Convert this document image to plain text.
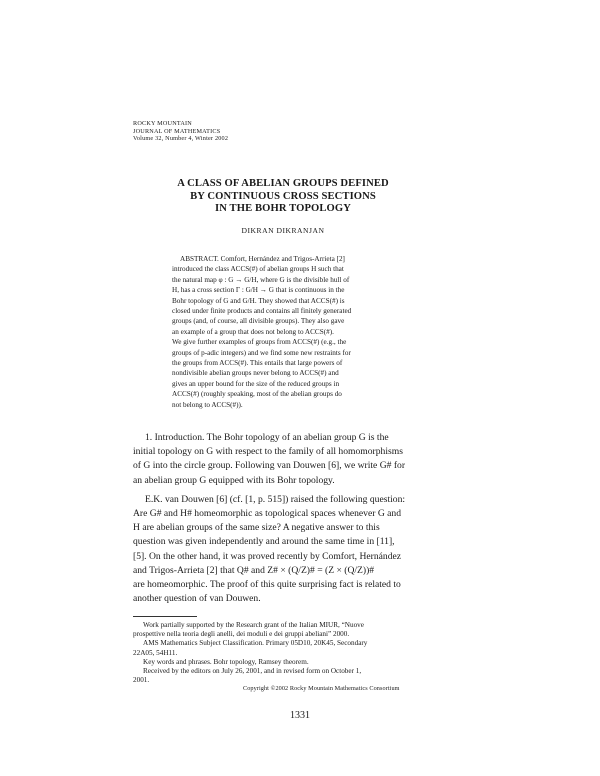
ROCKY MOUNTAIN
JOURNAL OF MATHEMATICS
Volume 32, Number 4, Winter 2002
A CLASS OF ABELIAN GROUPS DEFINED
BY CONTINUOUS CROSS SECTIONS
IN THE BOHR TOPOLOGY
DIKRAN DIKRANJAN
ABSTRACT. Comfort, Hernández and Trigos-Arrieta [2]
introduced the class ACCS(#) of abelian groups H such that
the natural map φ : G → G/H, where G is the divisible hull of
H, has a cross section Γ : G/H → G that is continuous in the
Bohr topology of G and G/H. They showed that ACCS(#) is
closed under finite products and contains all finitely generated
groups (and, of course, all divisible groups). They also gave
an example of a group that does not belong to ACCS(#).
We give further examples of groups from ACCS(#) (e.g., the
groups of p-adic integers) and we find some new restraints for
the groups from ACCS(#). This entails that large powers of
nondivisible abelian groups never belong to ACCS(#) and
gives an upper bound for the size of the reduced groups in
ACCS(#) (roughly speaking, most of the abelian groups do
not belong to ACCS(#)).
1. Introduction. The Bohr topology of an abelian group G is the
initial topology on G with respect to the family of all homomorphisms
of G into the circle group. Following van Douwen [6], we write G# for
an abelian group G equipped with its Bohr topology.
E.K. van Douwen [6] (cf. [1, p. 515]) raised the following question:
Are G# and H# homeomorphic as topological spaces whenever G and
H are abelian groups of the same size? A negative answer to this
question was given independently and around the same time in [11],
[5]. On the other hand, it was proved recently by Comfort, Hernández
and Trigos-Arrieta [2] that Q# and Z# × (Q/Z)# = (Z × (Q/Z))#
are homeomorphic. The proof of this quite surprising fact is related to
another question of van Douwen.
Work partially supported by the Research grant of the Italian MIUR, “Nuove
prospettive nella teoria degli anelli, dei moduli e dei gruppi abeliani” 2000.
AMS Mathematics Subject Classification. Primary 05D10, 20K45, Secondary
22A05, 54H11.
Key words and phrases. Bohr topology, Ramsey theorem.
Received by the editors on July 26, 2001, and in revised form on October 1,
2001.
Copyright ©2002 Rocky Mountain Mathematics Consortium
1331
